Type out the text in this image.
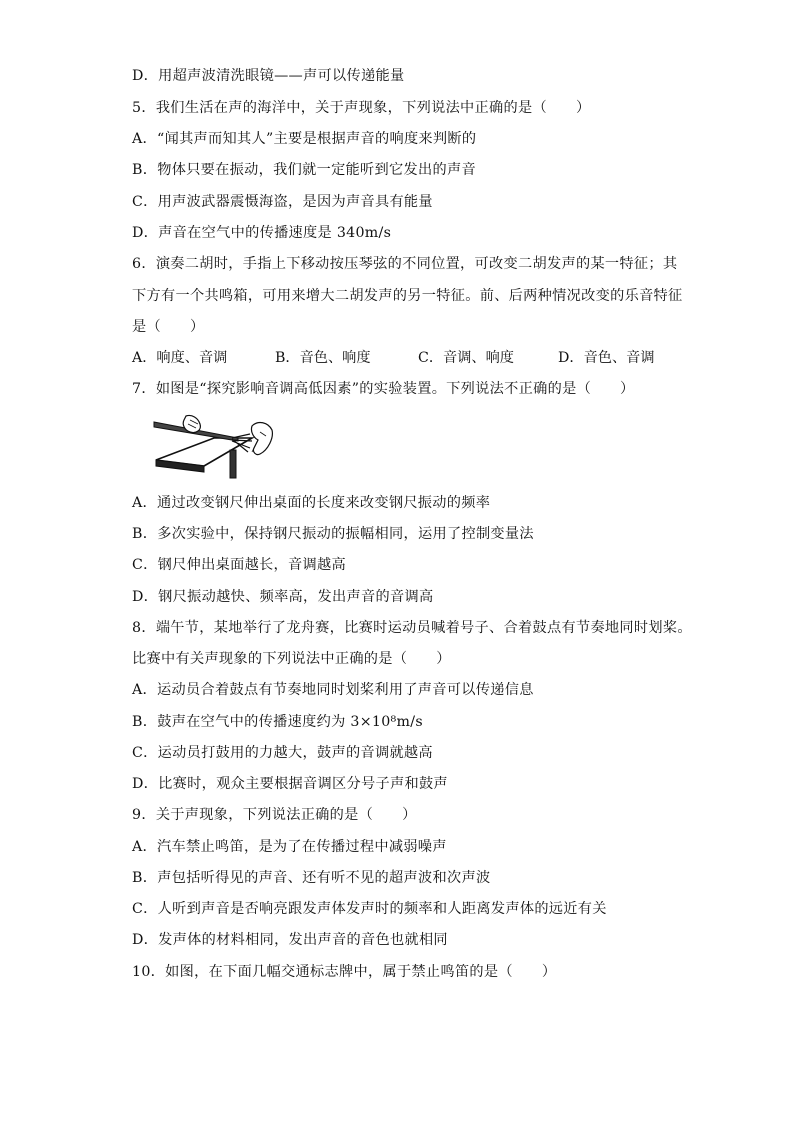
D．用超声波清洗眼镜——声可以传递能量
5．我们生活在声的海洋中，关于声现象，下列说法中正确的是（　　）
A．“闻其声而知其人”主要是根据声音的响度来判断的
B．物体只要在振动，我们就一定能听到它发出的声音
C．用声波武器震慑海盗，是因为声音具有能量
D．声音在空气中的传播速度是 340m/s
6．演奏二胡时，手指上下移动按压琴弦的不同位置，可改变二胡发声的某一特征；其
下方有一个共鸣箱，可用来增大二胡发声的另一特征。前、后两种情况改变的乐音特征
是（　　）
A．响度、音调	B．音色、响度	C．音调、响度	D．音色、音调
7．如图是“探究影响音调高低因素”的实验装置。下列说法不正确的是（　　）
A．通过改变钢尺伸出桌面的长度来改变钢尺振动的频率
B．多次实验中，保持钢尺振动的振幅相同，运用了控制变量法
C．钢尺伸出桌面越长，音调越高
D．钢尺振动越快、频率高，发出声音的音调高
8．端午节，某地举行了龙舟赛，比赛时运动员喊着号子、合着鼓点有节奏地同时划桨。
比赛中有关声现象的下列说法中正确的是（　　）
A．运动员合着鼓点有节奏地同时划桨利用了声音可以传递信息
B．鼓声在空气中的传播速度约为 3×10⁸m/s
C．运动员打鼓用的力越大，鼓声的音调就越高
D．比赛时，观众主要根据音调区分号子声和鼓声
9．关于声现象，下列说法正确的是（　　）
A．汽车禁止鸣笛，是为了在传播过程中减弱噪声
B．声包括听得见的声音、还有听不见的超声波和次声波
C．人听到声音是否响亮跟发声体发声时的频率和人距离发声体的远近有关
D．发声体的材料相同，发出声音的音色也就相同
10．如图，在下面几幅交通标志牌中，属于禁止鸣笛的是（　　）
